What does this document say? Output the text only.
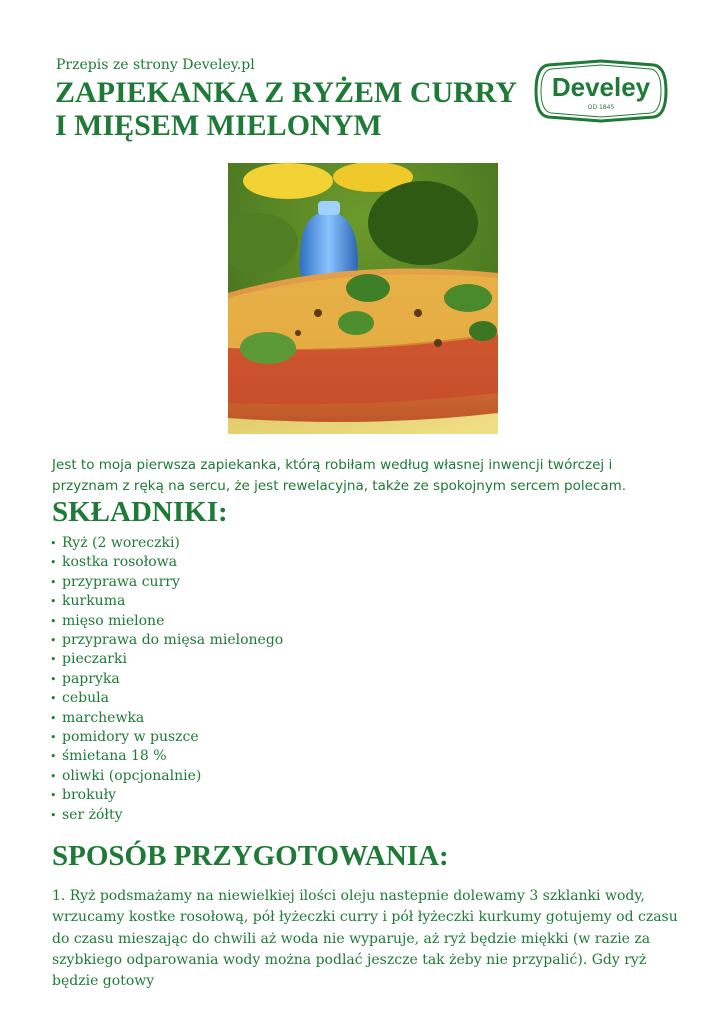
Przepis ze strony Develey.pl
ZAPIEKANKA Z RYŻEM CURRY I MIĘSEM MIELONYM
Develey
OD 1845

Jest to moja pierwsza zapiekanka, którą robiłam według własnej inwencji twórczej i przyznam z ręką na sercu, że jest rewelacyjna, także ze spokojnym sercem polecam.

SKŁADNIKI:
• Ryż (2 woreczki)
• kostka rosołowa
• przyprawa curry
• kurkuma
• mięso mielone
• przyprawa do mięsa mielonego
• pieczarki
• papryka
• cebula
• marchewka
• pomidory w puszce
• śmietana 18 %
• oliwki (opcjonalnie)
• brokuły
• ser żółty
SPOSÓB PRZYGOTOWANIA:

1. Ryż podsmażamy na niewielkiej ilości oleju nastepnie dolewamy 3 szklanki wody, wrzucamy kostke rosołową, pół łyżeczki curry i pół łyżeczki kurkumy gotujemy od czasu do czasu mieszając do chwili aż woda nie wyparuje, aż ryż będzie miękki (w razie za szybkiego odparowania wody można podlać jeszcze tak żeby nie przypalić). Gdy ryż będzie gotowy
